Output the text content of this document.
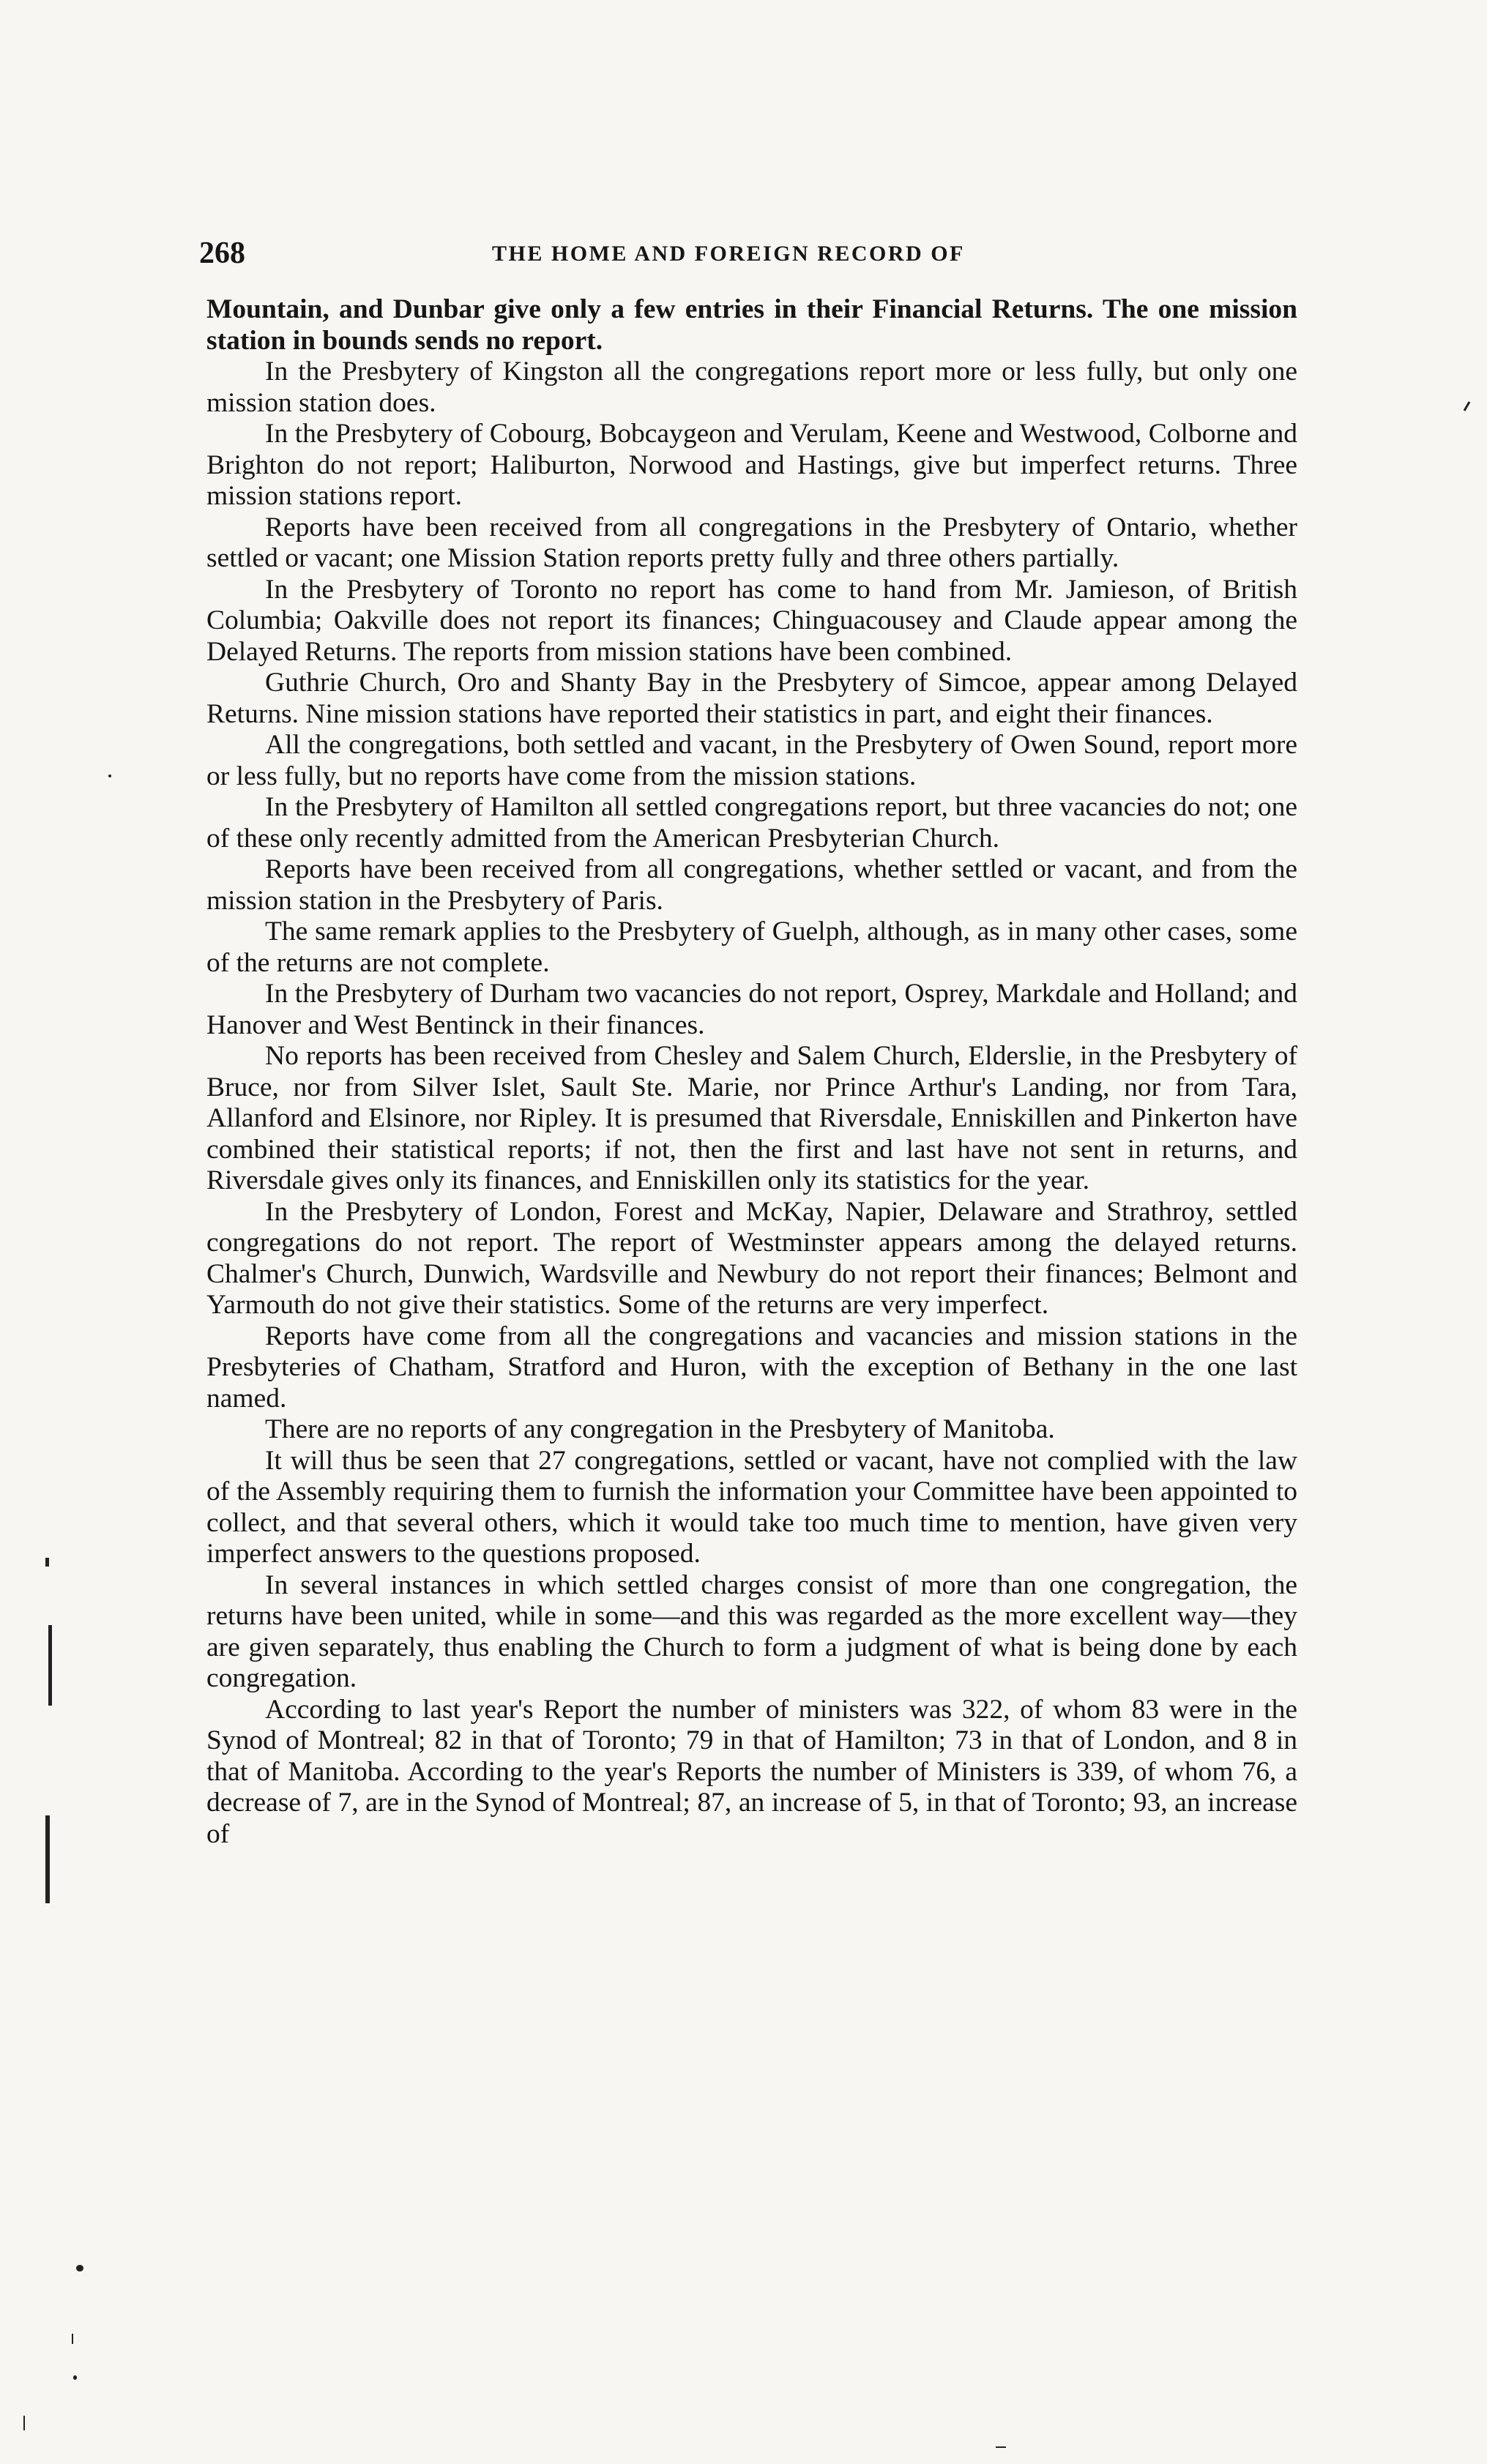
268	THE HOME AND FOREIGN RECORD OF

Mountain, and Dunbar give only a few entries in their Financial Returns. The one mission station in bounds sends no report.

In the Presbytery of Kingston all the congregations report more or less fully, but only one mission station does.

In the Presbytery of Cobourg, Bobcaygeon and Verulam, Keene and Westwood, Colborne and Brighton do not report; Haliburton, Norwood and Hastings, give but imperfect returns. Three mission stations report.

Reports have been received from all congregations in the Presbytery of Ontario, whether settled or vacant; one Mission Station reports pretty fully and three others partially.

In the Presbytery of Toronto no report has come to hand from Mr. Jamieson, of British Columbia; Oakville does not report its finances; Chinguacousey and Claude appear among the Delayed Returns. The reports from mission stations have been combined.

Guthrie Church, Oro and Shanty Bay in the Presbytery of Simcoe, appear among Delayed Returns. Nine mission stations have reported their statistics in part, and eight their finances.

All the congregations, both settled and vacant, in the Presbytery of Owen Sound, report more or less fully, but no reports have come from the mission stations.

In the Presbytery of Hamilton all settled congregations report, but three vacancies do not; one of these only recently admitted from the American Presbyterian Church.

Reports have been received from all congregations, whether settled or vacant, and from the mission station in the Presbytery of Paris.

The same remark applies to the Presbytery of Guelph, although, as in many other cases, some of the returns are not complete.

In the Presbytery of Durham two vacancies do not report, Osprey, Markdale and Holland; and Hanover and West Bentinck in their finances.

No reports has been received from Chesley and Salem Church, Elderslie, in the Presbytery of Bruce, nor from Silver Islet, Sault Ste. Marie, nor Prince Arthur's Landing, nor from Tara, Allanford and Elsinore, nor Ripley. It is presumed that Riversdale, Enniskillen and Pinkerton have combined their statistical reports; if not, then the first and last have not sent in returns, and Riversdale gives only its finances, and Enniskillen only its statistics for the year.

In the Presbytery of London, Forest and McKay, Napier, Delaware and Strathroy, settled congregations do not report. The report of Westminster appears among the delayed returns. Chalmer's Church, Dunwich, Wardsville and Newbury do not report their finances; Belmont and Yarmouth do not give their statistics. Some of the returns are very imperfect.

Reports have come from all the congregations and vacancies and mission stations in the Presbyteries of Chatham, Stratford and Huron, with the exception of Bethany in the one last named.

There are no reports of any congregation in the Presbytery of Manitoba.

It will thus be seen that 27 congregations, settled or vacant, have not complied with the law of the Assembly requiring them to furnish the information your Committee have been appointed to collect, and that several others, which it would take too much time to mention, have given very imperfect answers to the questions proposed.

In several instances in which settled charges consist of more than one congregation, the returns have been united, while in some—and this was regarded as the more excellent way—they are given separately, thus enabling the Church to form a judgment of what is being done by each congregation.

According to last year's Report the number of ministers was 322, of whom 83 were in the Synod of Montreal; 82 in that of Toronto; 79 in that of Hamilton; 73 in that of London, and 8 in that of Manitoba. According to the year's Reports the number of Ministers is 339, of whom 76, a decrease of 7, are in the Synod of Montreal; 87, an increase of 5, in that of Toronto; 93, an increase of
